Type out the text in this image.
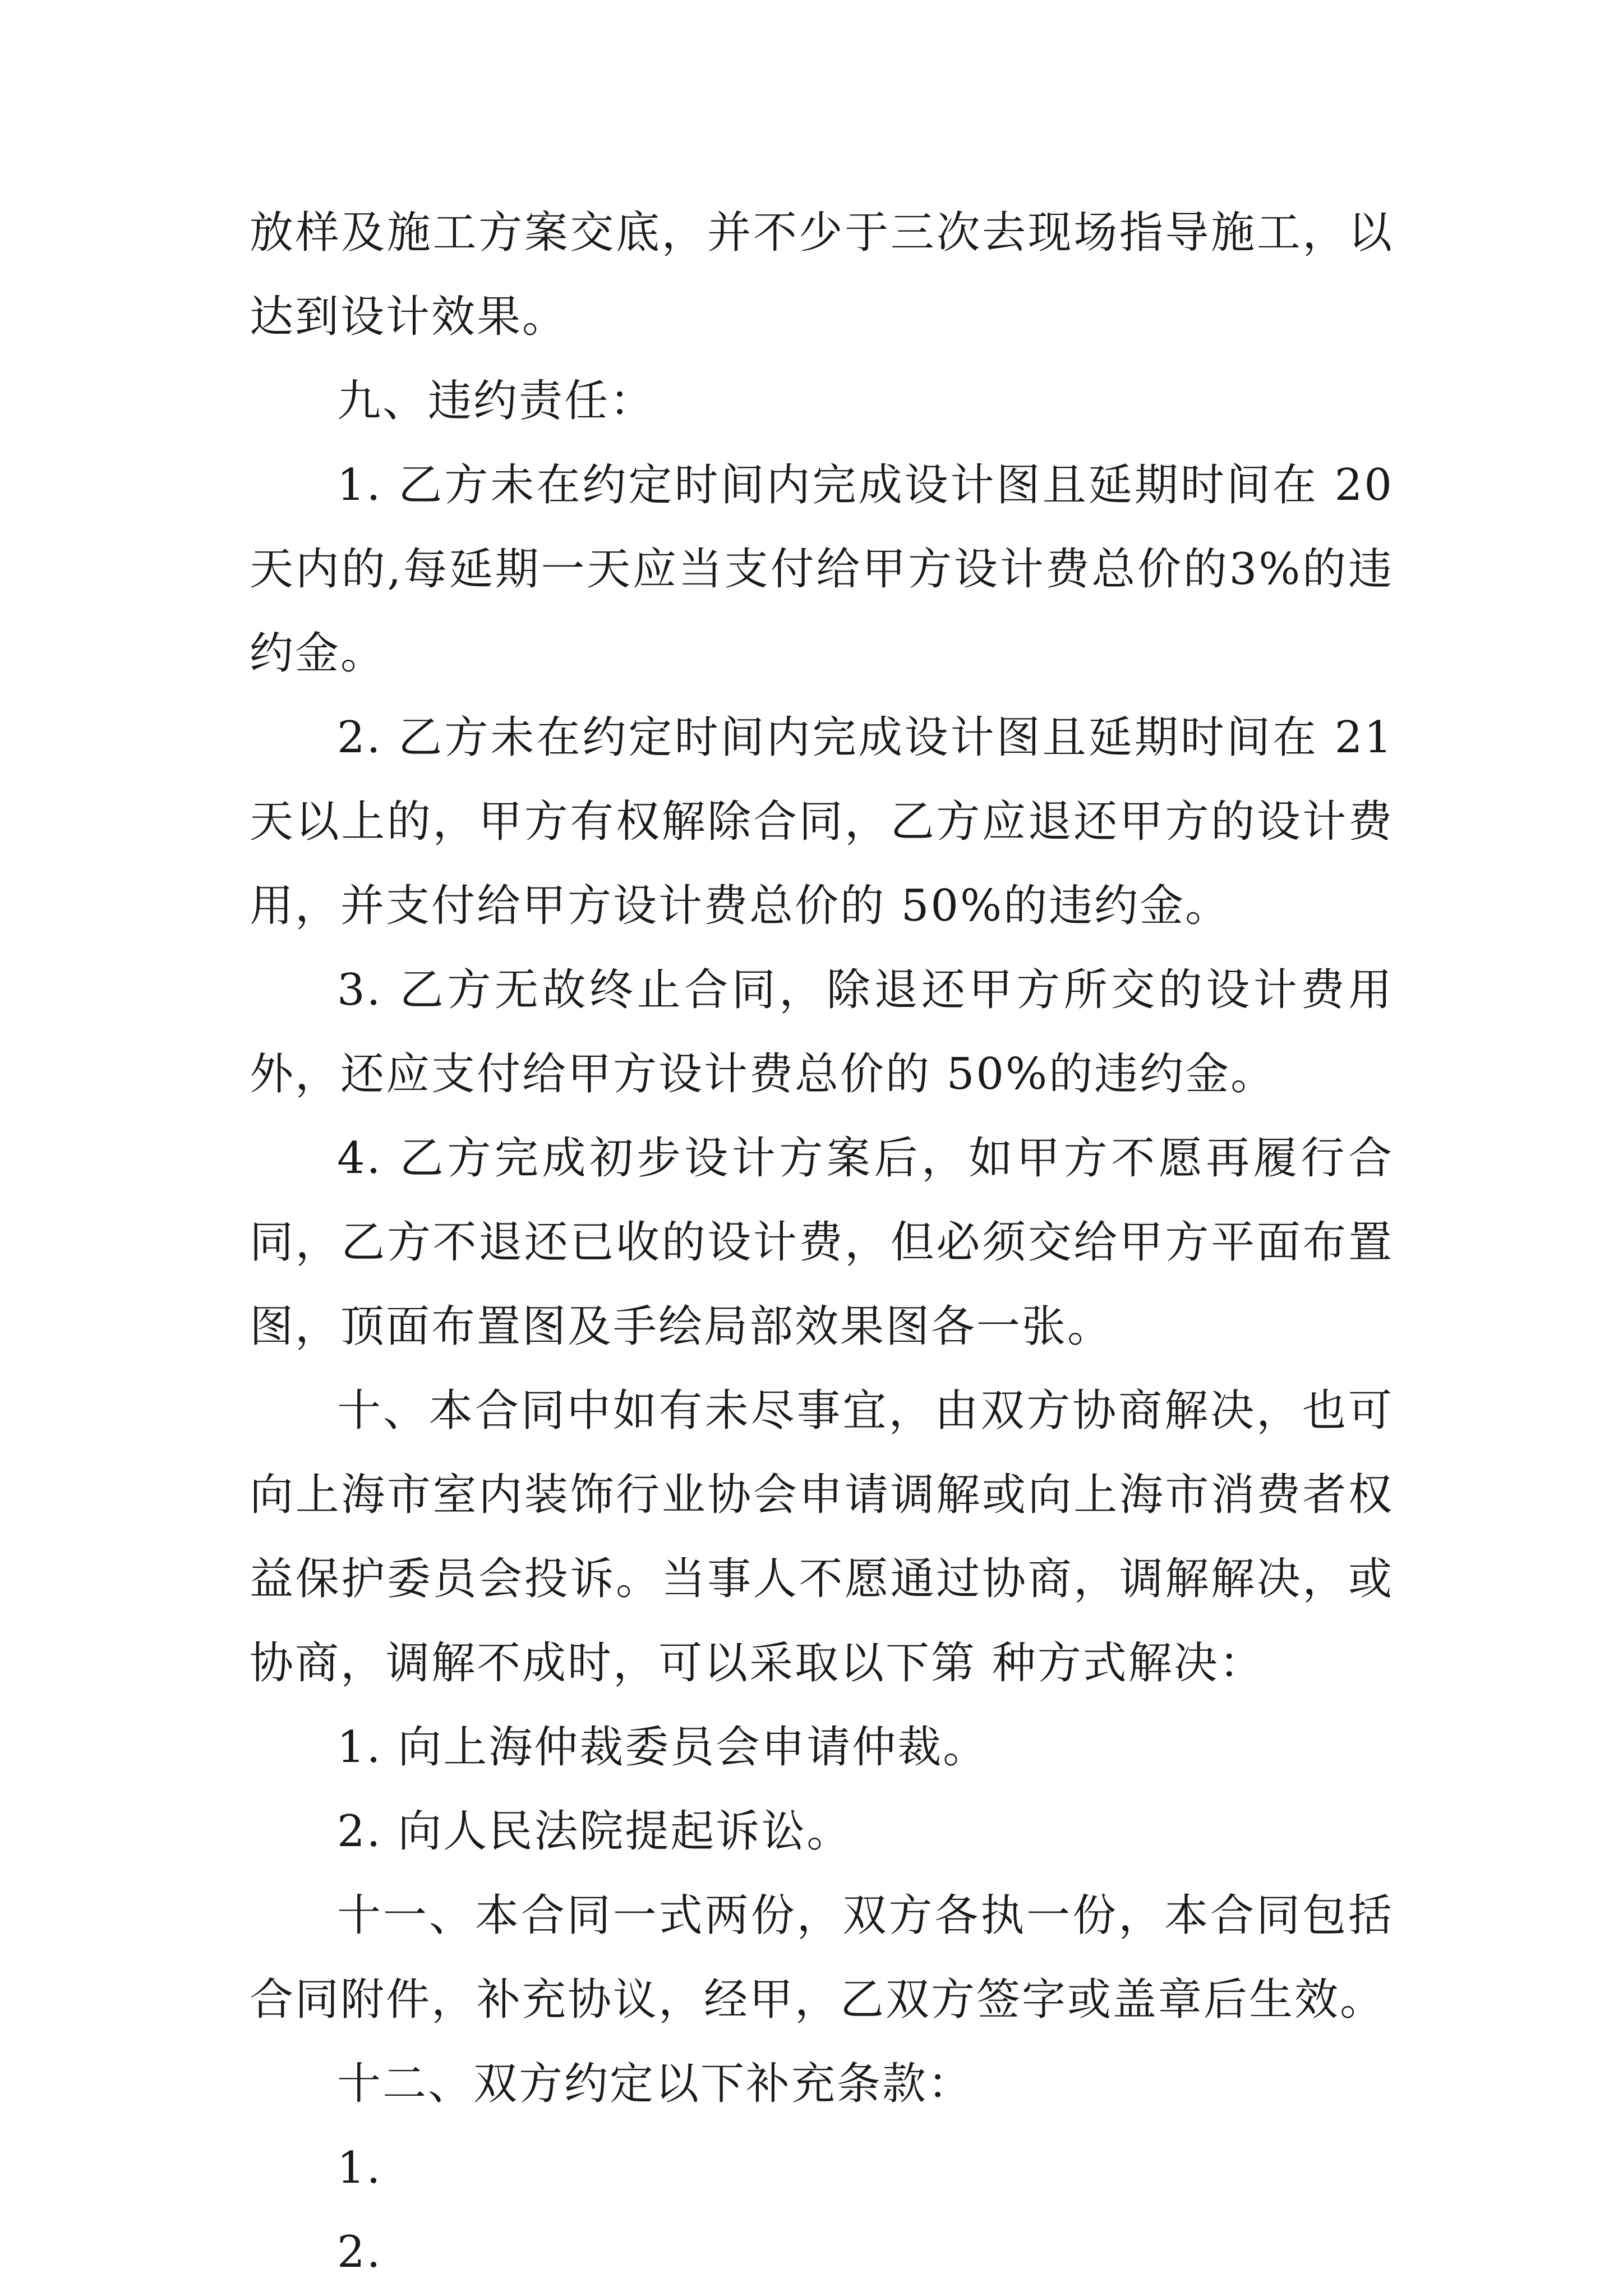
放样及施工方案交底，并不少于三次去现场指导施工，以达到设计效果。

九、违约责任：

1. 乙方未在约定时间内完成设计图且延期时间在 20 天内的,每延期一天应当支付给甲方设计费总价的3%的违约金。

2. 乙方未在约定时间内完成设计图且延期时间在 21 天以上的，甲方有权解除合同，乙方应退还甲方的设计费用，并支付给甲方设计费总价的 50%的违约金。

3. 乙方无故终止合同，除退还甲方所交的设计费用外，还应支付给甲方设计费总价的 50%的违约金。

4. 乙方完成初步设计方案后，如甲方不愿再履行合同，乙方不退还已收的设计费，但必须交给甲方平面布置图，顶面布置图及手绘局部效果图各一张。

十、本合同中如有未尽事宜，由双方协商解决，也可向上海市室内装饰行业协会申请调解或向上海市消费者权益保护委员会投诉。当事人不愿通过协商，调解解决，或协商，调解不成时，可以采取以下第 种方式解决：

1. 向上海仲裁委员会申请仲裁。

2. 向人民法院提起诉讼。

十一、本合同一式两份，双方各执一份，本合同包括合同附件，补充协议，经甲，乙双方签字或盖章后生效。

十二、双方约定以下补充条款：

1.

2.
